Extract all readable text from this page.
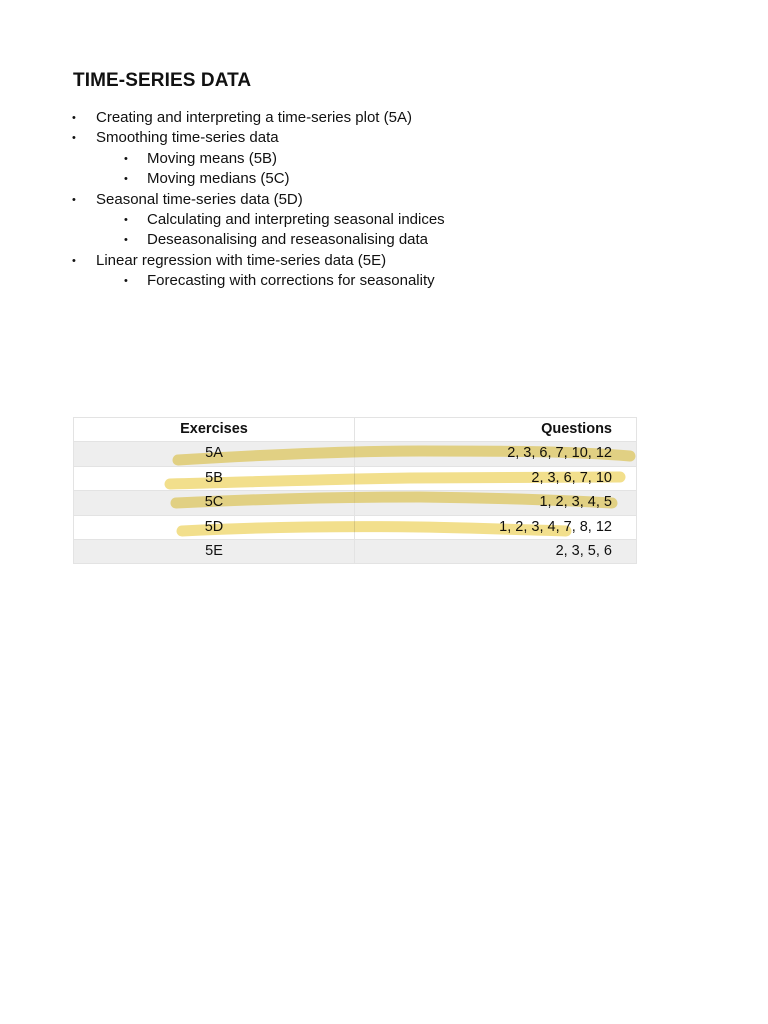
TIME-SERIES DATA
• Creating and interpreting a time-series plot (5A)
• Smoothing time-series data
• Moving means (5B)
• Moving medians (5C)
• Seasonal time-series data (5D)
• Calculating and interpreting seasonal indices
• Deseasonalising and reseasonalising data
• Linear regression with time-series data (5E)
• Forecasting with corrections for seasonality
Exercises	Questions
5A	2, 3, 6, 7, 10, 12
5B	2, 3, 6, 7, 10
5C	1, 2, 3, 4, 5
5D	1, 2, 3, 4, 7, 8, 12
5E	2, 3, 5, 6
